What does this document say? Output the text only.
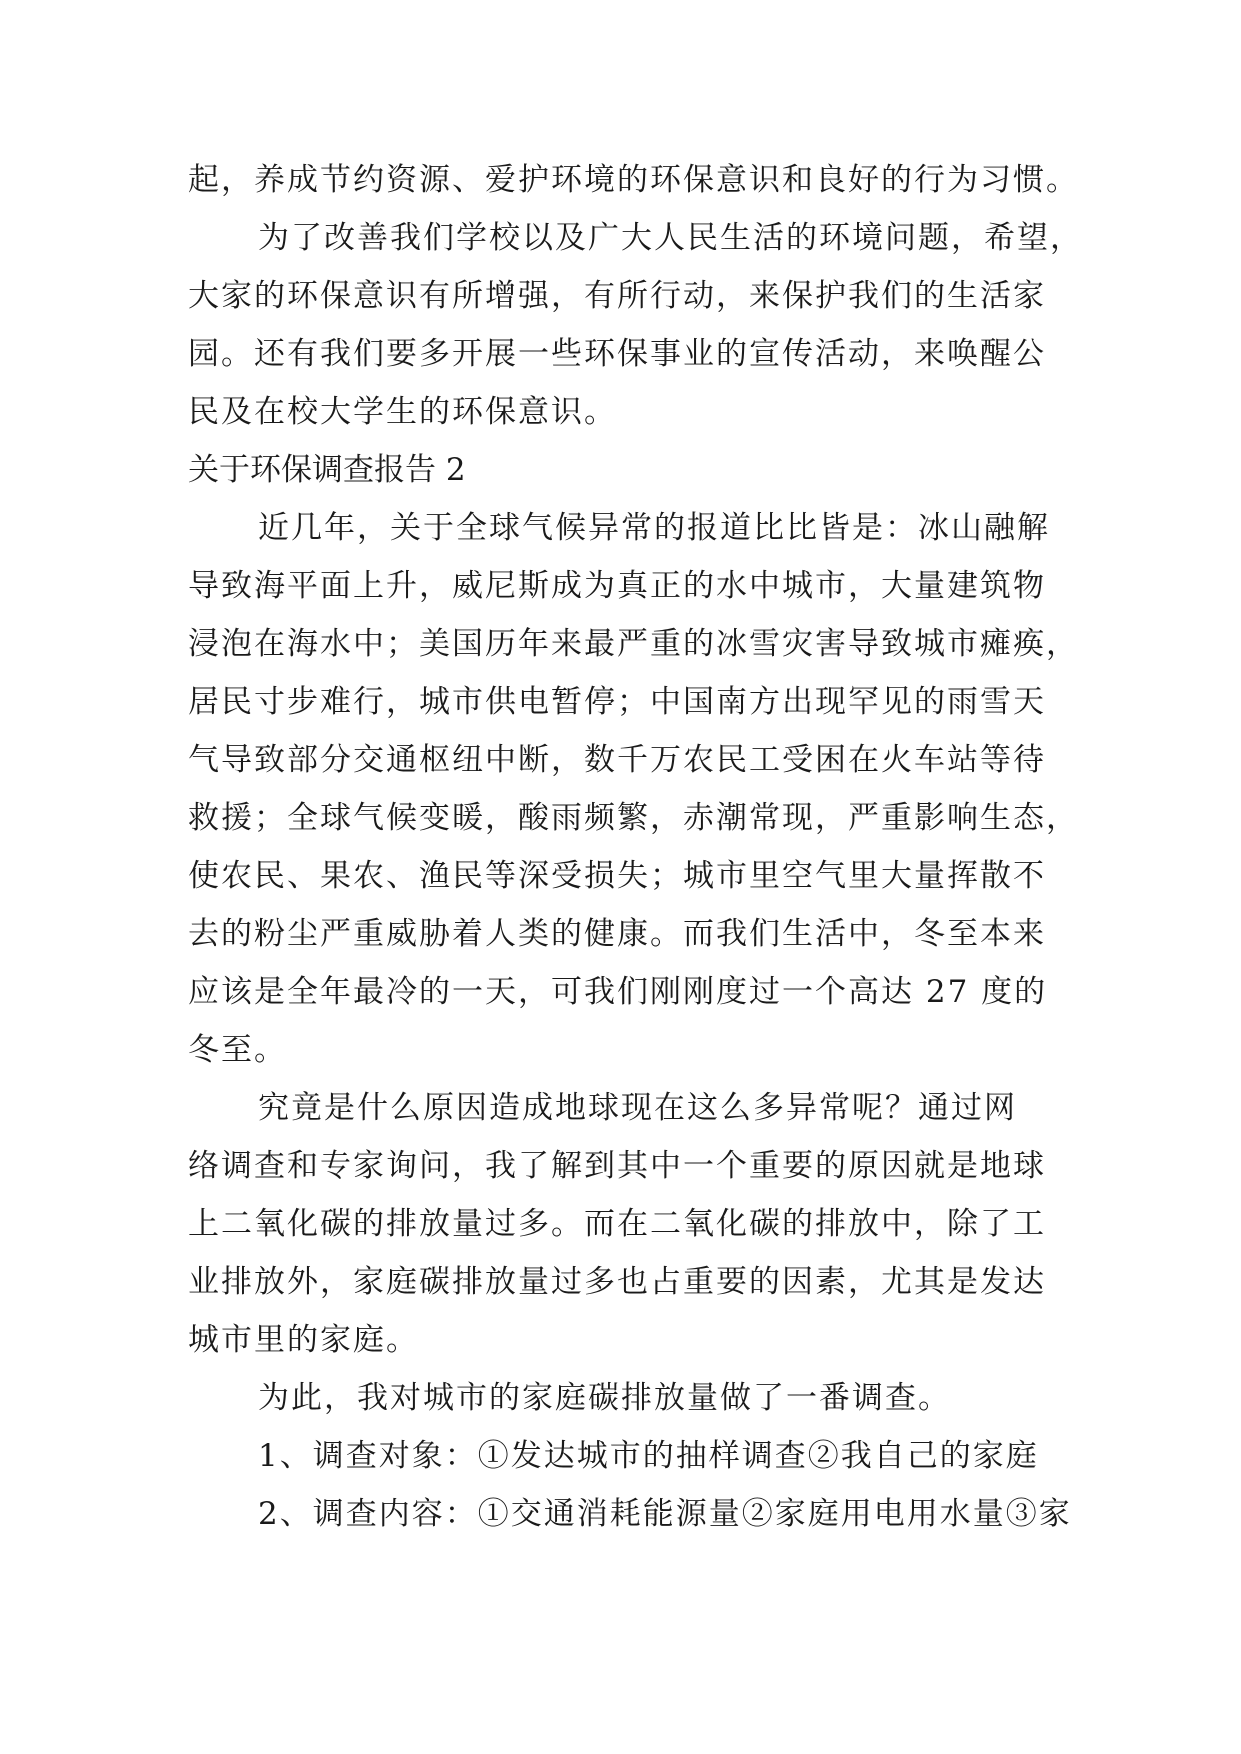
起，养成节约资源、爱护环境的环保意识和良好的行为习惯。
为了改善我们学校以及广大人民生活的环境问题，希望，
大家的环保意识有所增强，有所行动，来保护我们的生活家
园。还有我们要多开展一些环保事业的宣传活动，来唤醒公
民及在校大学生的环保意识。
关于环保调查报告 2
近几年，关于全球气候异常的报道比比皆是：冰山融解
导致海平面上升，威尼斯成为真正的水中城市，大量建筑物
浸泡在海水中；美国历年来最严重的冰雪灾害导致城市瘫痪，
居民寸步难行，城市供电暂停；中国南方出现罕见的雨雪天
气导致部分交通枢纽中断，数千万农民工受困在火车站等待
救援；全球气候变暖，酸雨频繁，赤潮常现，严重影响生态，
使农民、果农、渔民等深受损失；城市里空气里大量挥散不
去的粉尘严重威胁着人类的健康。而我们生活中，冬至本来
应该是全年最冷的一天，可我们刚刚度过一个高达 27 度的
冬至。
究竟是什么原因造成地球现在这么多异常呢？通过网
络调查和专家询问，我了解到其中一个重要的原因就是地球
上二氧化碳的排放量过多。而在二氧化碳的排放中，除了工
业排放外，家庭碳排放量过多也占重要的因素，尤其是发达
城市里的家庭。
为此，我对城市的家庭碳排放量做了一番调查。
1、调查对象：①发达城市的抽样调查②我自己的家庭
2、调查内容：①交通消耗能源量②家庭用电用水量③家
